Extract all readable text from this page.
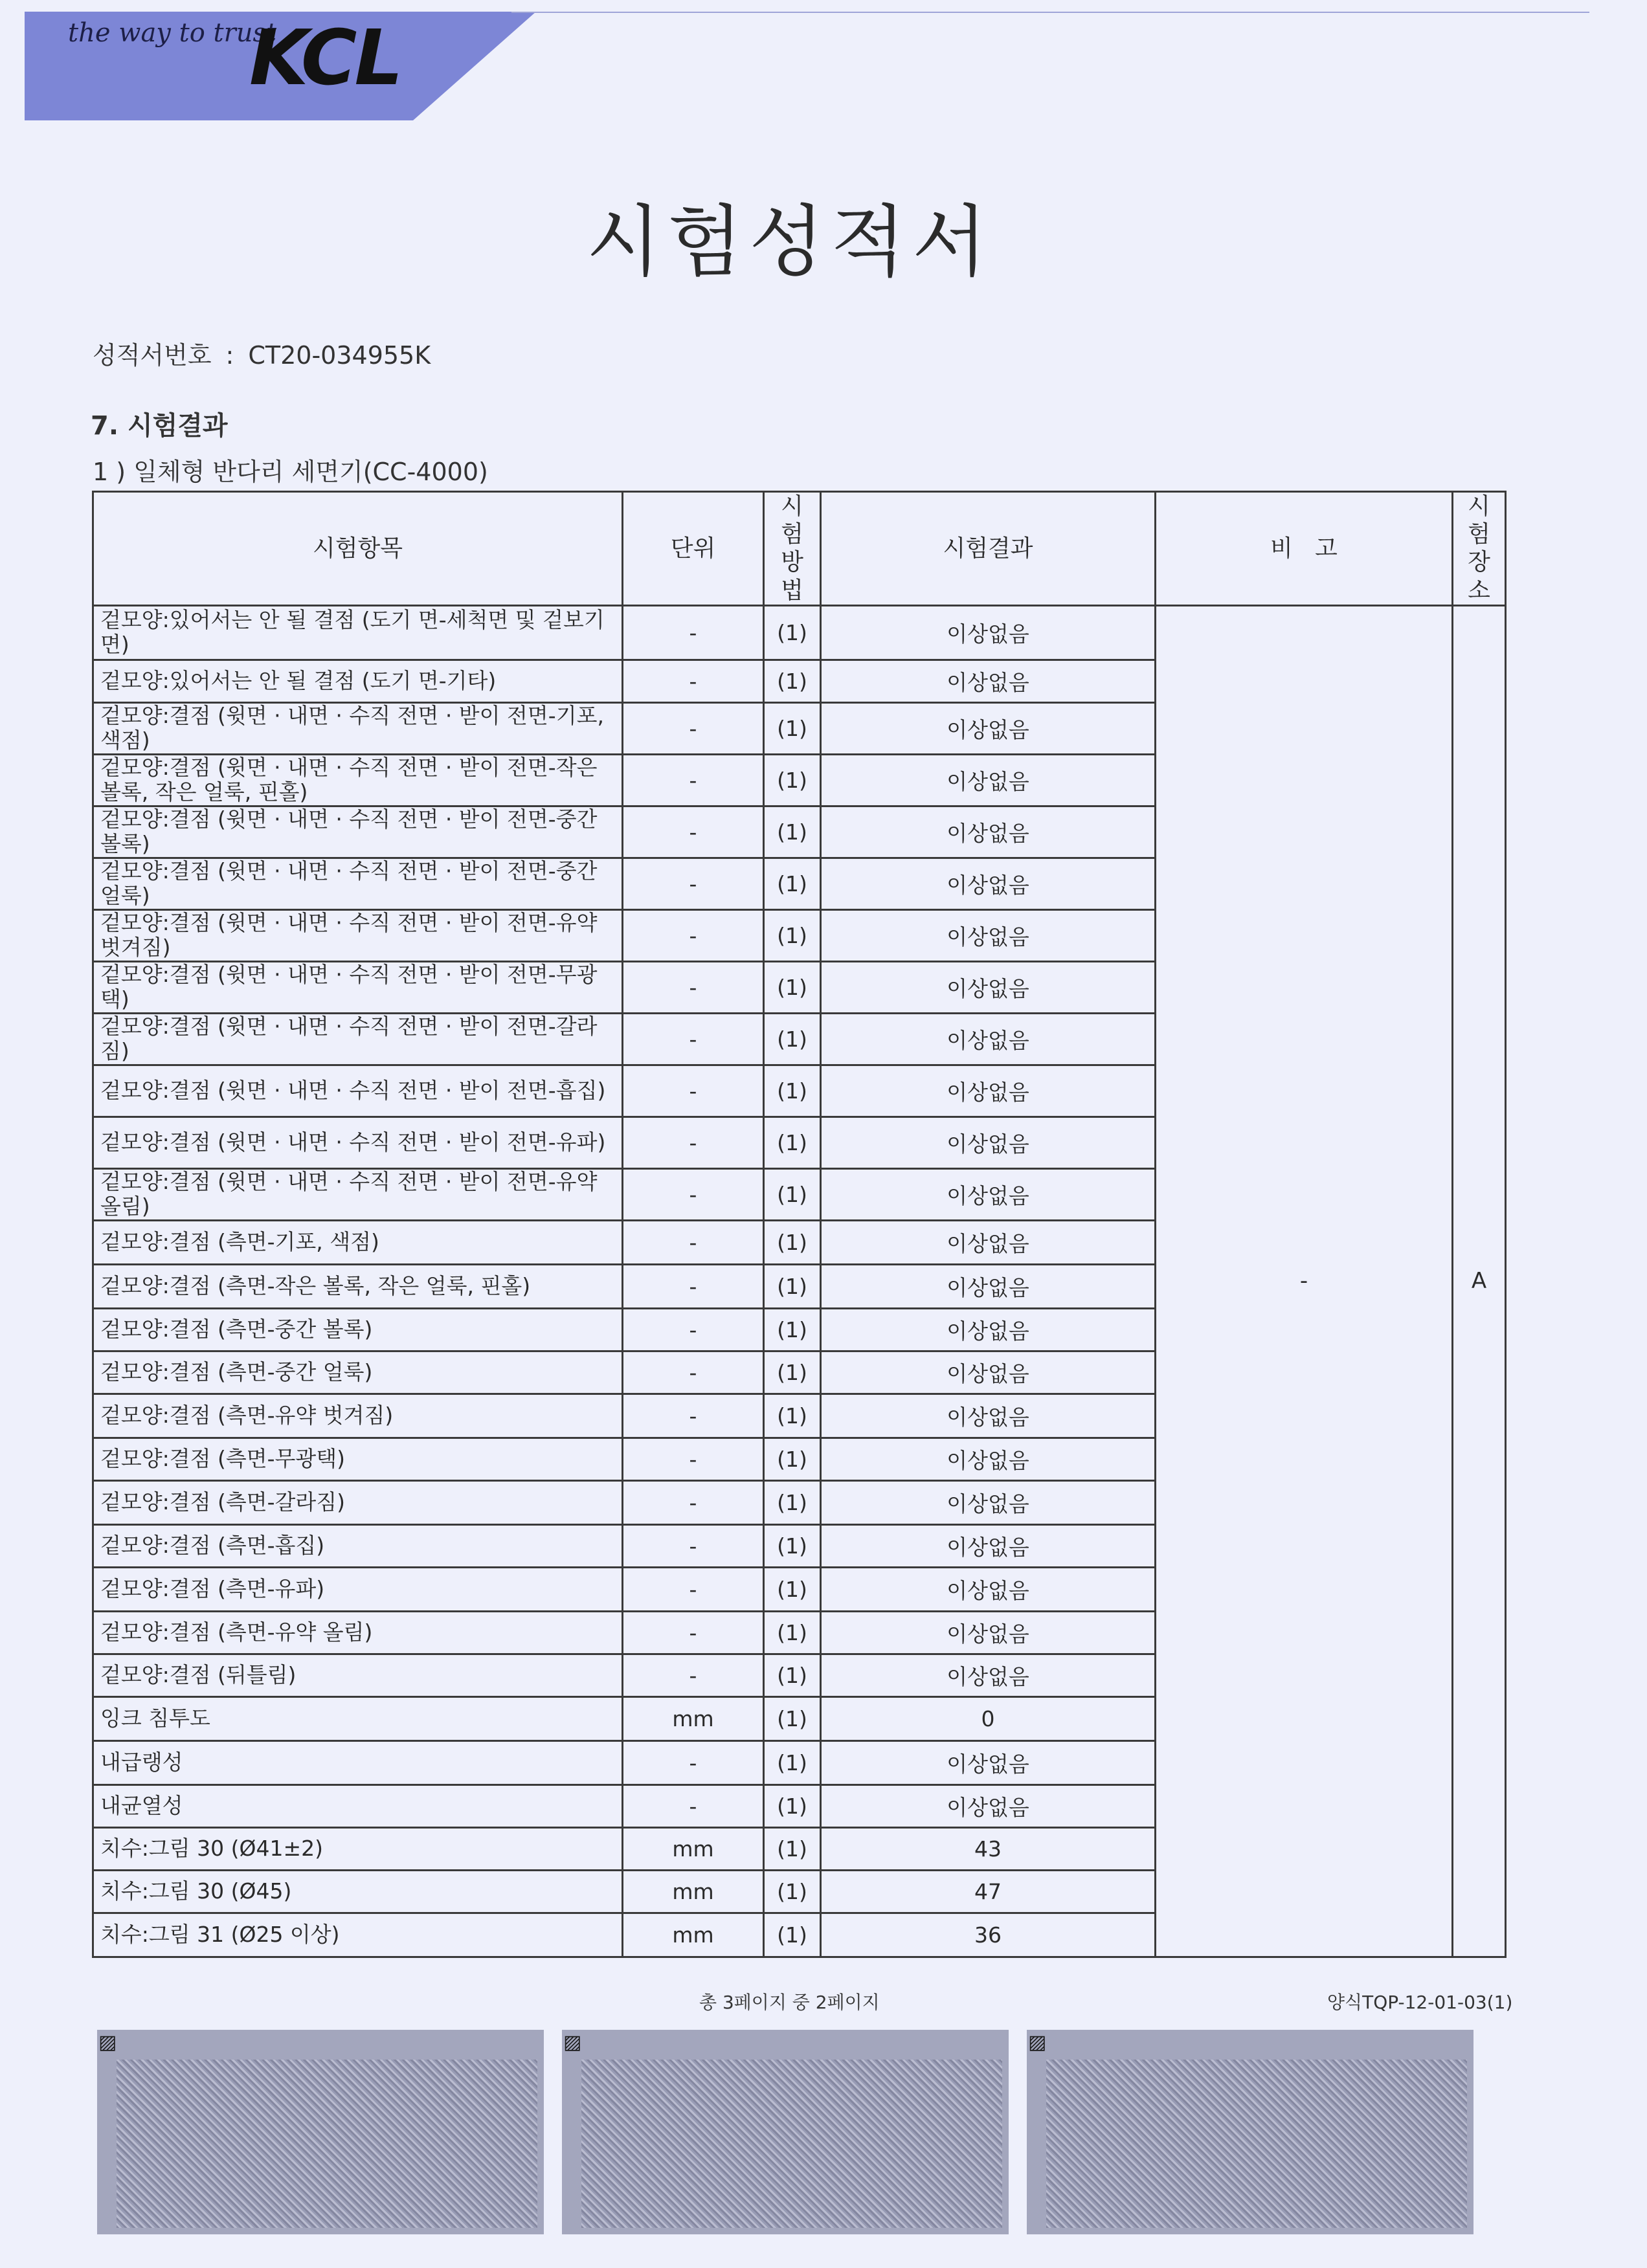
the way to trust
KCL
시험성적서
성적서번호 : CT20-034955K
7. 시험결과
1 ) 일체형 반다리 세면기(CC-4000)
시험항목	단위	시험방법	시험결과	비   고	시험장소
겉모양:있어서는 안 될 결점 (도기 면-세척면 및 겉보기 면)	-	(1)	이상없음	-	A
겉모양:있어서는 안 될 결점 (도기 면-기타)	-	(1)	이상없음		
겉모양:결점 (윗면 · 내면 · 수직 전면 · 받이 전면-기포, 색점)	-	(1)	이상없음		
겉모양:결점 (윗면 · 내면 · 수직 전면 · 받이 전면-작은 볼록, 작은 얼룩, 핀홀)	-	(1)	이상없음		
겉모양:결점 (윗면 · 내면 · 수직 전면 · 받이 전면-중간 볼록)	-	(1)	이상없음		
겉모양:결점 (윗면 · 내면 · 수직 전면 · 받이 전면-중간 얼룩)	-	(1)	이상없음		
겉모양:결점 (윗면 · 내면 · 수직 전면 · 받이 전면-유약 벗겨짐)	-	(1)	이상없음		
겉모양:결점 (윗면 · 내면 · 수직 전면 · 받이 전면-무광택)	-	(1)	이상없음		
겉모양:결점 (윗면 · 내면 · 수직 전면 · 받이 전면-갈라짐)	-	(1)	이상없음		
겉모양:결점 (윗면 · 내면 · 수직 전면 · 받이 전면-흡집)	-	(1)	이상없음		
겉모양:결점 (윗면 · 내면 · 수직 전면 · 받이 전면-유파)	-	(1)	이상없음		
겉모양:결점 (윗면 · 내면 · 수직 전면 · 받이 전면-유약 올림)	-	(1)	이상없음		
겉모양:결점 (측면-기포, 색점)	-	(1)	이상없음		
겉모양:결점 (측면-작은 볼록, 작은 얼룩, 핀홀)	-	(1)	이상없음		
겉모양:결점 (측면-중간 볼록)	-	(1)	이상없음		
겉모양:결점 (측면-중간 얼룩)	-	(1)	이상없음		
겉모양:결점 (측면-유약 벗겨짐)	-	(1)	이상없음		
겉모양:결점 (측면-무광택)	-	(1)	이상없음		
겉모양:결점 (측면-갈라짐)	-	(1)	이상없음		
겉모양:결점 (측면-흡집)	-	(1)	이상없음		
겉모양:결점 (측면-유파)	-	(1)	이상없음		
겉모양:결점 (측면-유약 올림)	-	(1)	이상없음		
겉모양:결점 (뒤틀림)	-	(1)	이상없음		
잉크 침투도	mm	(1)	0		
내급랭성	-	(1)	이상없음		
내균열성	-	(1)	이상없음		
치수:그림 30 (Ø41±2)	mm	(1)	43		
치수:그림 30 (Ø45)	mm	(1)	47		
치수:그림 31 (Ø25 이상)	mm	(1)	36		
총 3페이지 중 2페이지	양식TQP-12-01-03(1)
▨	▨	▨
